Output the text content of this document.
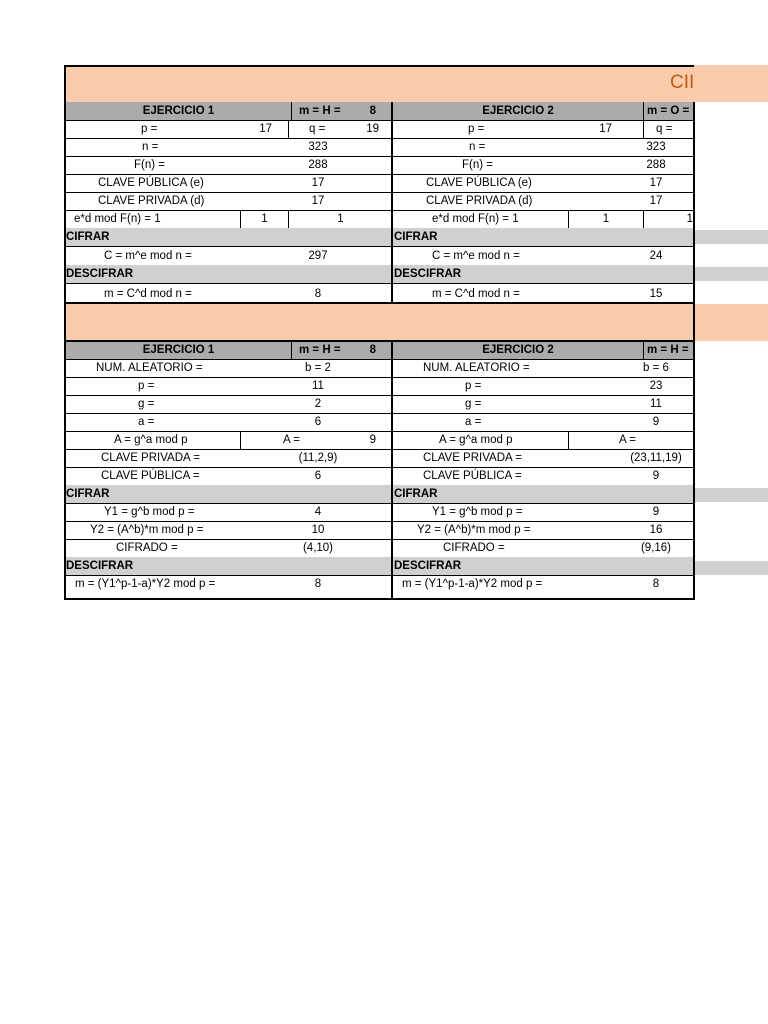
CII
EJERCICIO 1	m = H =	8	EJERCICIO 2	m = O =
p =	17	q =	19	p =	17	q =
n =	323	n =	323
F(n) =	288	F(n) =	288
CLAVE PÚBLICA (e)	17	CLAVE PÚBLICA (e)	17
CLAVE PRIVADA (d)	17	CLAVE PRIVADA (d)	17
e*d mod F(n) = 1	1	1	e*d mod F(n) = 1	1	1
CIFRAR	CIFRAR
C = m^e mod n =	297	C = m^e mod n =	24
DESCIFRAR	DESCIFRAR
m = C^d mod n =	8	m = C^d mod n =	15
EJERCICIO 1	m = H =	8	EJERCICIO 2	m = H =
NUM. ALEATORIO =	b = 2	NUM. ALEATORIO =	b = 6
p =	11	p =	23
g =	2	g =	11
a =	6	a =	9
A = g^a mod p	A =	9	A = g^a mod p	A =
CLAVE PRIVADA =	(11,2,9)	CLAVE PRIVADA =	(23,11,19)
CLAVE PÚBLICA =	6	CLAVE PÚBLICA =	9
CIFRAR	CIFRAR
Y1 = g^b mod p =	4	Y1 = g^b mod p =	9
Y2 = (A^b)*m mod p =	10	Y2 = (A^b)*m mod p =	16
CIFRADO =	(4,10)	CIFRADO =	(9,16)
DESCIFRAR	DESCIFRAR
m = (Y1^p-1-a)*Y2 mod p =	8	m = (Y1^p-1-a)*Y2 mod p =	8
